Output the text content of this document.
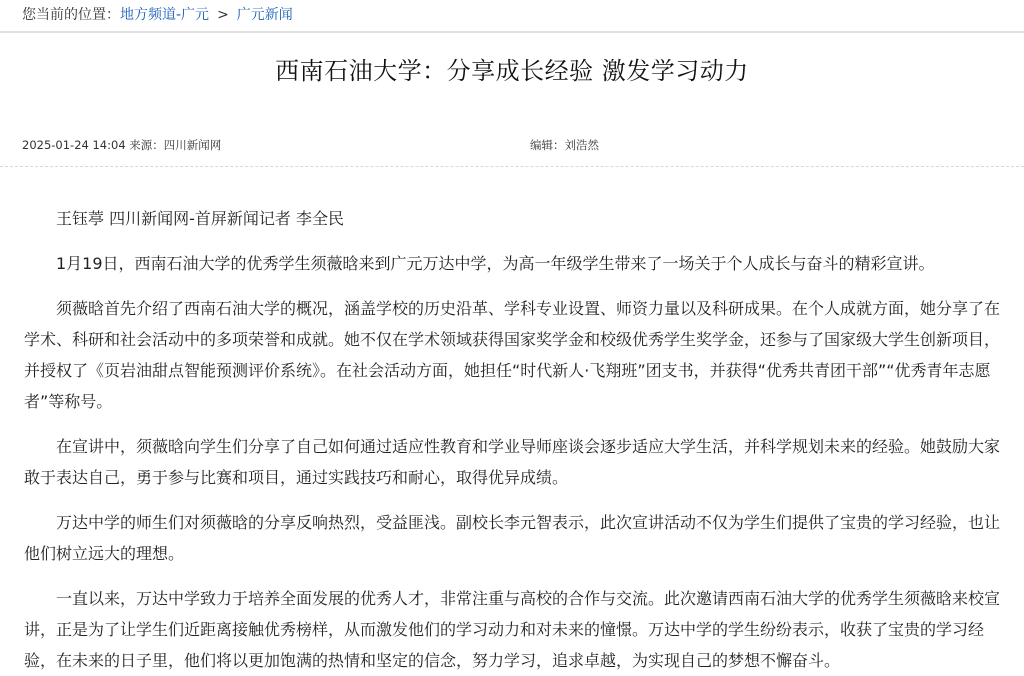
您当前的位置：地方频道-广元 > 广元新闻
西南石油大学：分享成长经验 激发学习动力
2025-01-24 14:04 来源：四川新闻网	编辑：刘浩然

王钰葶 四川新闻网-首屏新闻记者 李全民

1月19日，西南石油大学的优秀学生须薇晗来到广元万达中学，为高一年级学生带来了一场关于个人成长与奋斗的精彩宣讲。

须薇晗首先介绍了西南石油大学的概况，涵盖学校的历史沿革、学科专业设置、师资力量以及科研成果。在个人成就方面，她分享了在学术、科研和社会活动中的多项荣誉和成就。她不仅在学术领域获得国家奖学金和校级优秀学生奖学金，还参与了国家级大学生创新项目，并授权了《页岩油甜点智能预测评价系统》。在社会活动方面，她担任“时代新人·飞翔班”团支书，并获得“优秀共青团干部”“优秀青年志愿者”等称号。

在宣讲中，须薇晗向学生们分享了自己如何通过适应性教育和学业导师座谈会逐步适应大学生活，并科学规划未来的经验。她鼓励大家敢于表达自己，勇于参与比赛和项目，通过实践技巧和耐心，取得优异成绩。

万达中学的师生们对须薇晗的分享反响热烈，受益匪浅。副校长李元智表示，此次宣讲活动不仅为学生们提供了宝贵的学习经验，也让他们树立远大的理想。

一直以来，万达中学致力于培养全面发展的优秀人才，非常注重与高校的合作与交流。此次邀请西南石油大学的优秀学生须薇晗来校宣讲，正是为了让学生们近距离接触优秀榜样，从而激发他们的学习动力和对未来的憧憬。万达中学的学生纷纷表示，收获了宝贵的学习经验，在未来的日子里，他们将以更加饱满的热情和坚定的信念，努力学习，追求卓越，为实现自己的梦想不懈奋斗。
